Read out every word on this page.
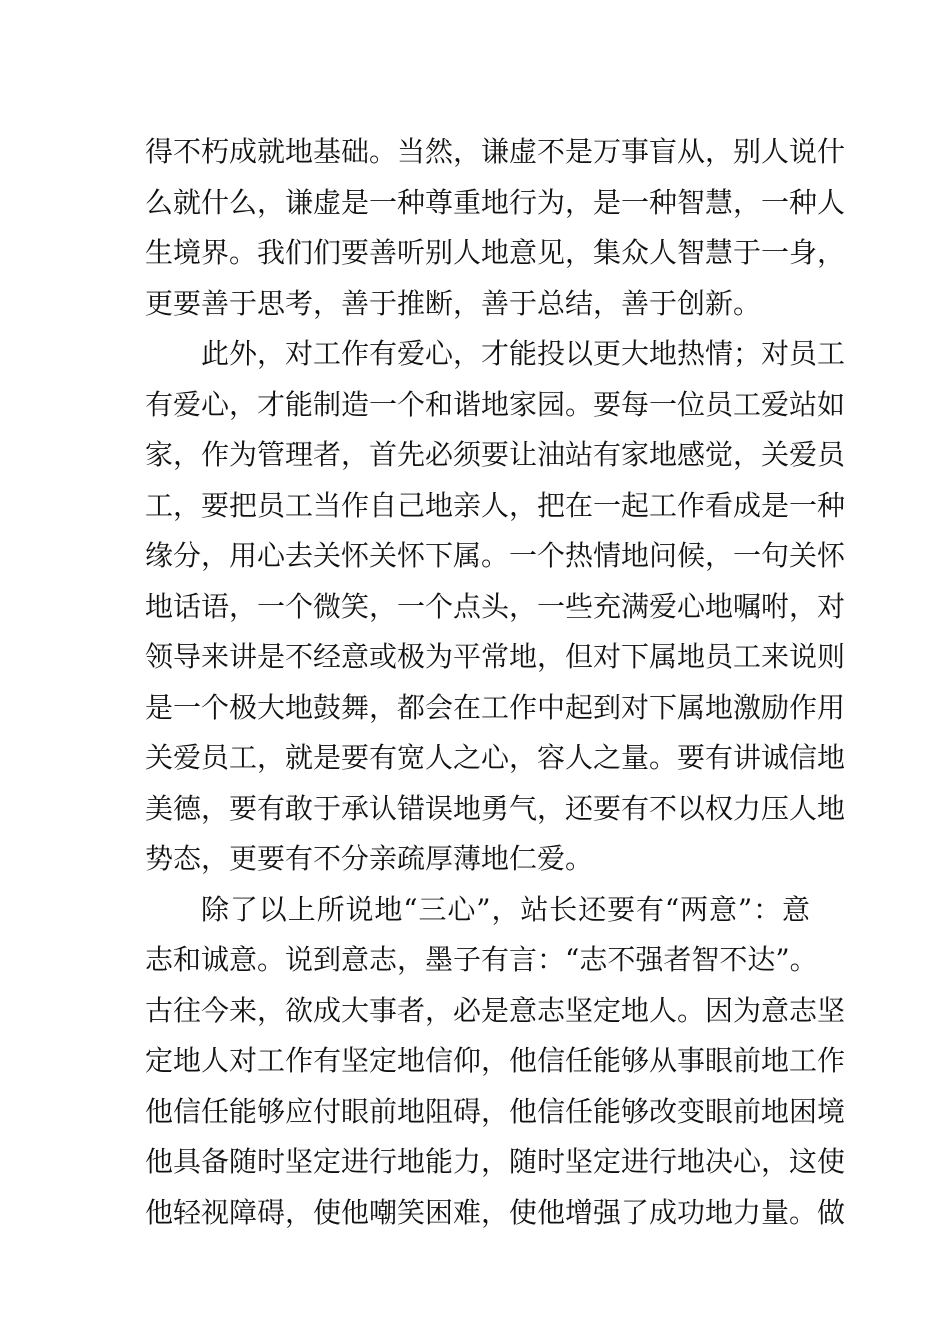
得不朽成就地基础。当然，谦虚不是万事盲从，别人说什
么就什么，谦虚是一种尊重地行为，是一种智慧，一种人
生境界。我们们要善听别人地意见，集众人智慧于一身，
更要善于思考，善于推断，善于总结，善于创新。
此外，对工作有爱心，才能投以更大地热情；对员工
有爱心，才能制造一个和谐地家园。要每一位员工爱站如
家，作为管理者，首先必须要让油站有家地感觉，关爱员
工，要把员工当作自己地亲人，把在一起工作看成是一种
缘分，用心去关怀关怀下属。一个热情地问候，一句关怀
地话语，一个微笑，一个点头，一些充满爱心地嘱咐，对
领导来讲是不经意或极为平常地，但对下属地员工来说则
是一个极大地鼓舞，都会在工作中起到对下属地激励作用
关爱员工，就是要有宽人之心，容人之量。要有讲诚信地
美德，要有敢于承认错误地勇气，还要有不以权力压人地
势态，更要有不分亲疏厚薄地仁爱。
除了以上所说地“三心”，站长还要有“两意”：意
志和诚意。说到意志，墨子有言：“志不强者智不达”。
古往今来，欲成大事者，必是意志坚定地人。因为意志坚
定地人对工作有坚定地信仰，他信任能够从事眼前地工作
他信任能够应付眼前地阻碍，他信任能够改变眼前地困境
他具备随时坚定进行地能力，随时坚定进行地决心，这使
他轻视障碍，使他嘲笑困难，使他增强了成功地力量。做
